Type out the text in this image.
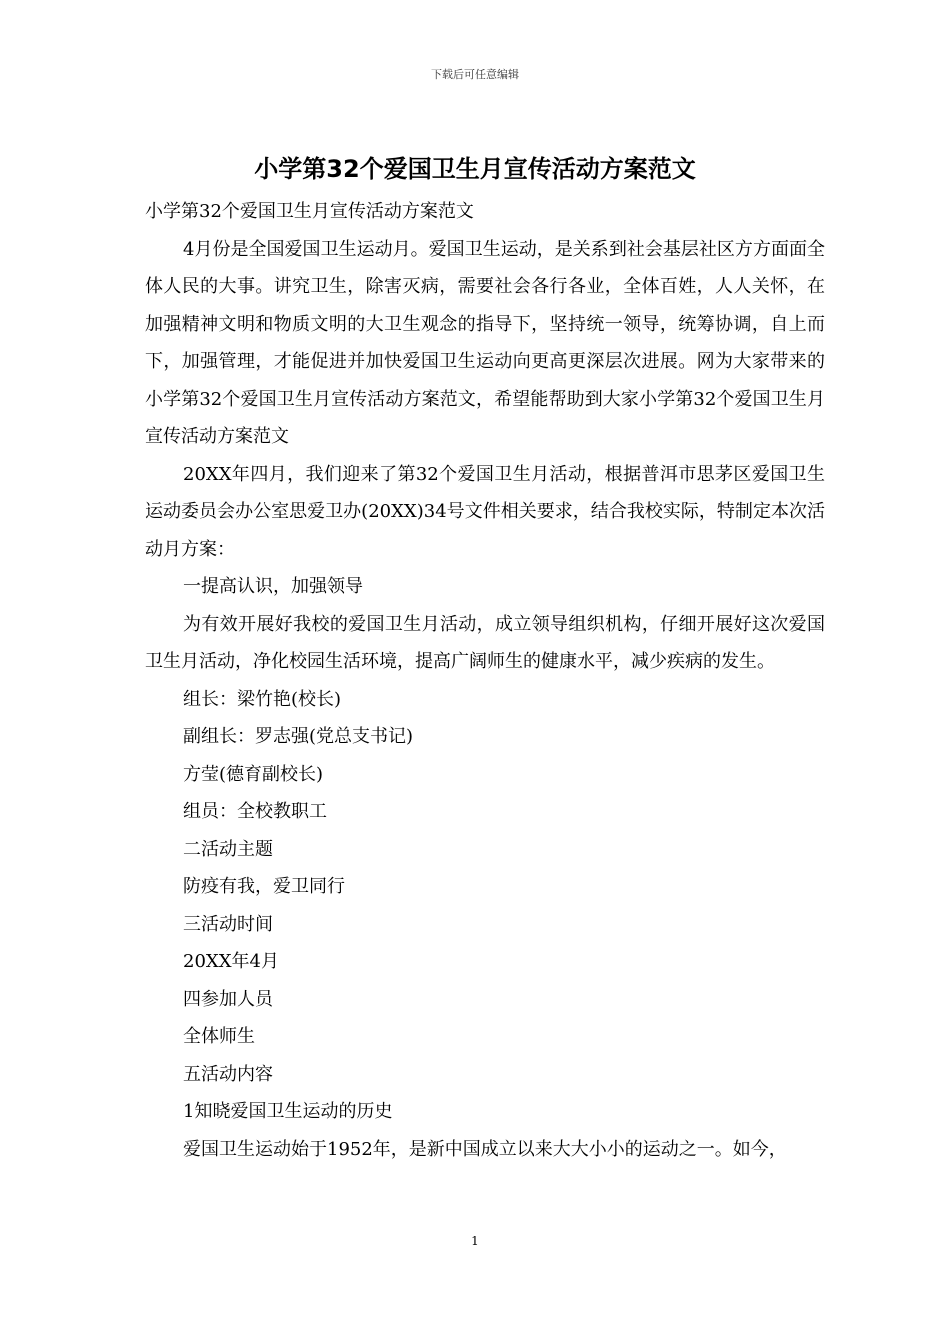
下载后可任意编辑
小学第32个爱国卫生月宣传活动方案范文

小学第32个爱国卫生月宣传活动方案范文

4月份是全国爱国卫生运动月。爱国卫生运动，是关系到社会基层社区方方面面全体人民的大事。讲究卫生，除害灭病，需要社会各行各业，全体百姓，人人关怀，在加强精神文明和物质文明的大卫生观念的指导下，坚持统一领导，统筹协调，自上而下，加强管理，才能促进并加快爱国卫生运动向更高更深层次进展。网为大家带来的小学第32个爱国卫生月宣传活动方案范文，希望能帮助到大家小学第32个爱国卫生月宣传活动方案范文

20XX年四月，我们迎来了第32个爱国卫生月活动，根据普洱市思茅区爱国卫生运动委员会办公室思爱卫办(20XX)34号文件相关要求，结合我校实际，特制定本次活动月方案：

一提高认识，加强领导

为有效开展好我校的爱国卫生月活动，成立领导组织机构，仔细开展好这次爱国卫生月活动，净化校园生活环境，提高广阔师生的健康水平，减少疾病的发生。

组长：梁竹艳(校长)

副组长：罗志强(党总支书记)

方莹(德育副校长)

组员：全校教职工

二活动主题

防疫有我，爱卫同行

三活动时间

20XX年4月

四参加人员

全体师生

五活动内容

1知晓爱国卫生运动的历史

爱国卫生运动始于1952年，是新中国成立以来大大小小的运动之一。如今，

1
